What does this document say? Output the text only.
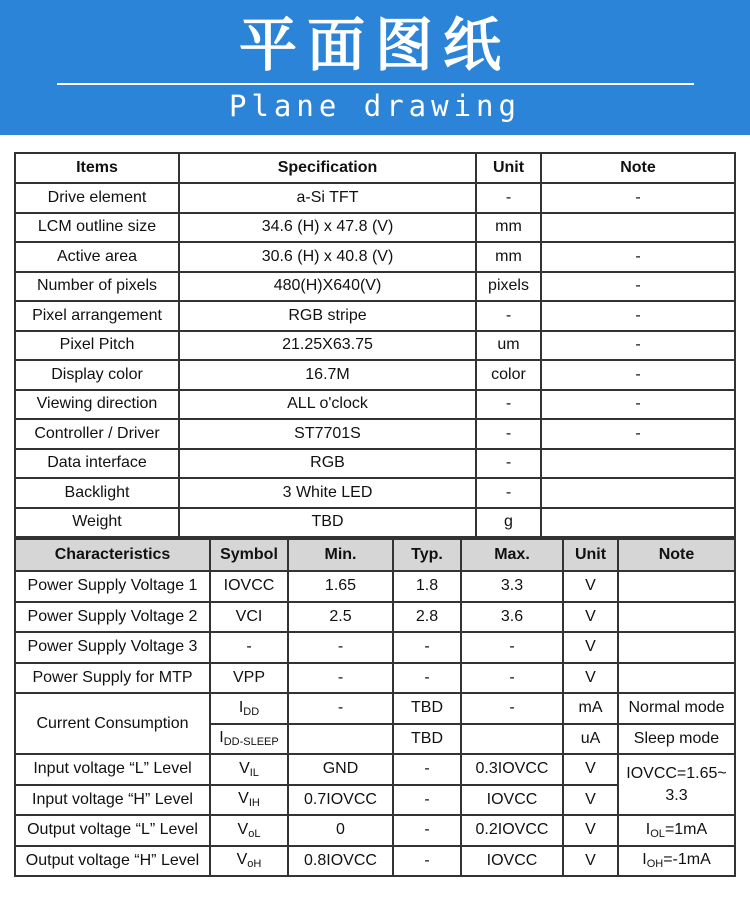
平面图纸
Plane drawing
Items	Specification	Unit	Note
Drive element	a-Si TFT	-	-
LCM outline size	34.6 (H) x 47.8 (V)	mm	
Active area	30.6 (H) x 40.8 (V)	mm	-
Number of pixels	480(H)X640(V)	pixels	-
Pixel arrangement	RGB stripe	-	-
Pixel Pitch	21.25X63.75	um	-
Display color	16.7M	color	-
Viewing direction	ALL o'clock	-	-
Controller / Driver	ST7701S	-	-
Data interface	RGB	-	
Backlight	3 White LED	-	
Weight	TBD	g	
Characteristics	Symbol	Min.	Typ.	Max.	Unit	Note
Power Supply Voltage 1	IOVCC	1.65	1.8	3.3	V	
Power Supply Voltage 2	VCI	2.5	2.8	3.6	V	
Power Supply Voltage 3	-	-	-	-	V	
Power Supply for MTP	VPP	-	-	-	V	
Current Consumption	$I_{DD}$	-	TBD	-	mA	Normal mode
	$I_{DD-SLEEP}$		TBD		uA	Sleep mode
Input voltage “L” Level	$V_{IL}$	GND	-	0.3IOVCC	V	IOVCC=1.65~ 3.3
Input voltage “H” Level	$V_{IH}$	0.7IOVCC	-	IOVCC	V	
Output voltage “L” Level	$V_{oL}$	0	-	0.2IOVCC	V	$I_{OL}=1mA$
Output voltage “H” Level	$V_{oH}$	0.8IOVCC	-	IOVCC	V	$I_{OH}=-1mA$
